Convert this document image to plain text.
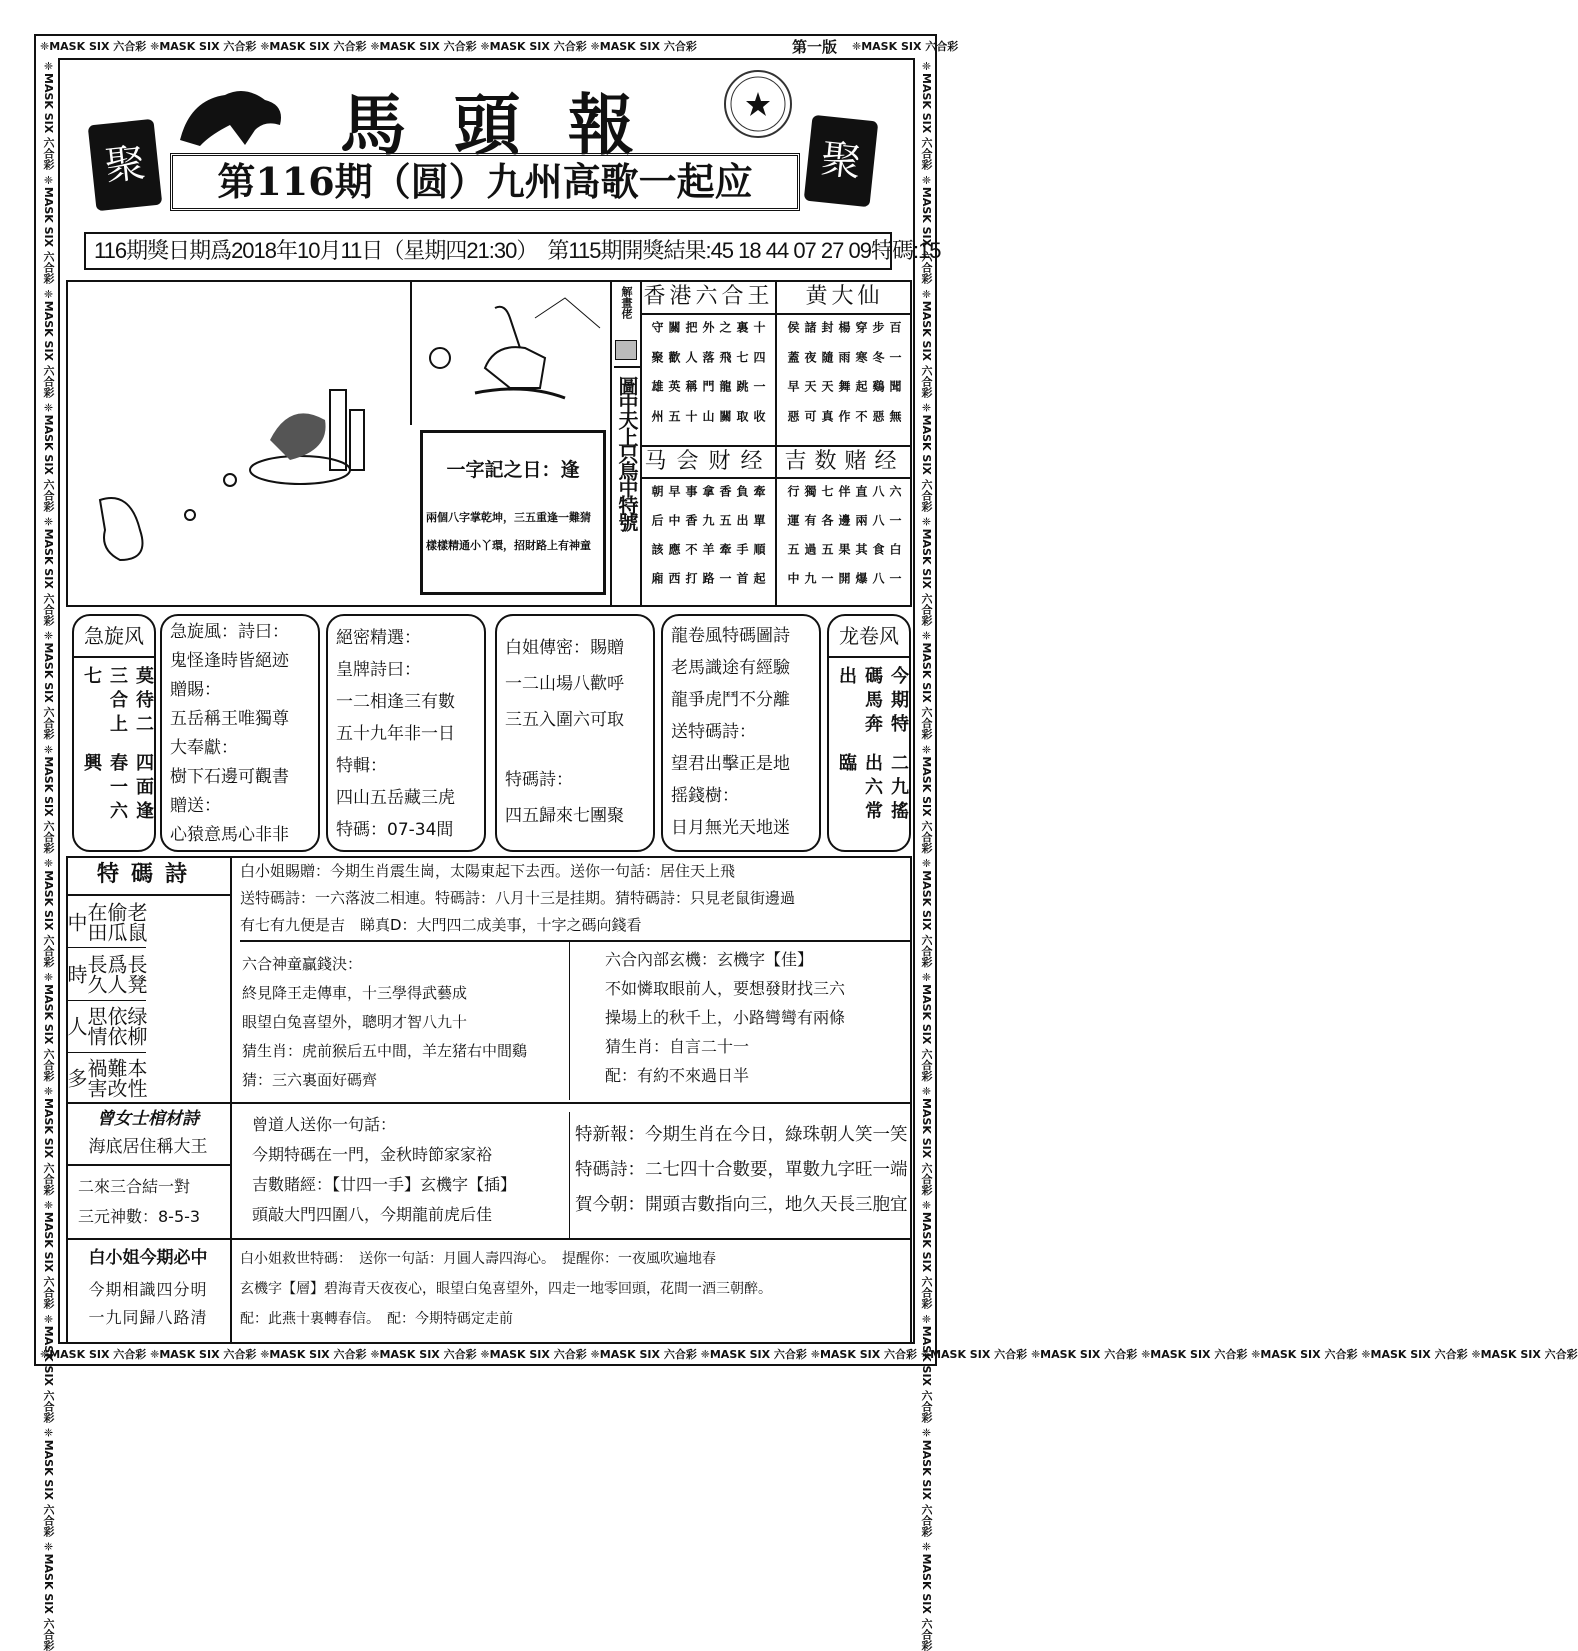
❈MASK SIX 六合彩 ❈MASK SIX 六合彩 ❈MASK SIX 六合彩 ❈MASK SIX 六合彩 ❈MASK SIX 六合彩 ❈MASK SIX 六合彩	❈MASK SIX 六合彩
❈MASK SIX 六合彩 ❈MASK SIX 六合彩 ❈MASK SIX 六合彩 ❈MASK SIX 六合彩 ❈MASK SIX 六合彩 ❈MASK SIX 六合彩 ❈MASK SIX 六合彩 ❈MASK SIX 六合彩 ❈MASK SIX 六合彩 ❈MASK SIX 六合彩 ❈MASK SIX 六合彩 ❈MASK SIX 六合彩 ❈MASK SIX 六合彩 ❈MASK SIX 六合彩
❈MASK SIX 六合彩 ❈MASK SIX 六合彩 ❈MASK SIX 六合彩 ❈MASK SIX 六合彩 ❈MASK SIX 六合彩 ❈MASK SIX 六合彩 ❈MASK SIX 六合彩 ❈MASK SIX 六合彩 ❈MASK SIX 六合彩 ❈MASK SIX 六合彩 ❈MASK SIX 六合彩 ❈MASK SIX 六合彩 ❈MASK SIX 六合彩 ❈MASK SIX 六合彩	❈MASK SIX 六合彩 ❈MASK SIX 六合彩 ❈MASK SIX 六合彩 ❈MASK SIX 六合彩 ❈MASK SIX 六合彩 ❈MASK SIX 六合彩 ❈MASK SIX 六合彩 ❈MASK SIX 六合彩 ❈MASK SIX 六合彩 ❈MASK SIX 六合彩 ❈MASK SIX 六合彩 ❈MASK SIX 六合彩 ❈MASK SIX 六合彩 ❈MASK SIX 六合彩
第一版
馬頭報
聚	聚
第116期（圆）九州高歌一起应
116期獎日期爲2018年10月11日（星期四21:30）　第115期開獎結果:45 18 44 07 27 09特碼:15
一字記之日：逢
兩個八字掌乾坤，三五重逢一難猜
樣樣精通小丫環，招財路上有神童
解畫佬
圖中天上只鳥中特號
香港六合王	黄大仙
十裏之外把關守
四七飛落人歡聚
一跳龍門稱英雄
收取關山十五州
百步穿楊封諸侯
一冬寒雨隨夜蓋
聞鷄起舞天天早
無惡不作真可惡
马会财经 吉数赌经
牽負香拿事早朝
單出五九香中后
順手牽羊不應該
起首一路打西廂
六八直伴七獨行
一八兩邊各有運
白食其果五過五
一八爆開一九中
急旋风
莫待二三合上七
四面逢春一六興
急旋風：詩曰：
鬼怪逢時皆絕迹
贈賜：
五岳稱王唯獨尊
大奉獻：
樹下石邊可觀書
贈送：
心猿意馬心非非
絕密精選：
皇牌詩曰：
一二相逢三有數
五十九年非一日
特輯：
四山五岳藏三虎
特碼：07-34間
白姐傳密：賜贈
一二山場八歡呼
三五入圍六可取
特碼詩：
四五歸來七團聚
龍卷風特碼圖詩
老馬識途有經驗
龍爭虎鬥不分離
送特碼詩：
望君出擊正是地
摇錢樹：
日月無光天地迷
龙卷风
今期特碼馬奔出
二九搖出六常臨
特碼詩
老鼠偷瓜在田中
長凳爲人長久時
绿柳依依思情人
本性難改禍害多
白小姐賜贈：今期生肖震生崗，太陽東起下去西。送你一句話：居住天上飛
送特碼詩：一六落波二相連。特碼詩：八月十三是挂期。猜特碼詩：只見老鼠街邊過
有七有九便是吉　睇真D：大門四二成美事，十字之碼向錢看
六合神童贏錢決：
終見降王走傳車，十三學得武藝成
眼望白兔喜望外，聰明才智八九十
猜生肖：虎前猴后五中間，羊左猪右中間鷄
猜：三六裏面好碼齊
六合內部玄機：玄機字【佳】
不如憐取眼前人，要想發財找三六
操場上的秋千上，小路彎彎有兩條
猜生肖：自言二十一
配：有約不來過日半
曾女士棺材詩
海底居住稱大王
二來三合結一對
三元神數：8-5-3
曾道人送你一句話：
今期特碼在一門，金秋時節家家裕
吉數賭經：【廿四一手】玄機字【插】
頭敲大門四圍八，今期龍前虎后佳
特新報：今期生肖在今日，綠珠朝人笑一笑
特碼詩：二七四十合數要，單數九字旺一端
賀今朝：開頭吉數指向三，地久天長三胞宜
白小姐今期必中
今期相識四分明
一九同歸八路清
白小姐救世特碼：　送你一句話：月圓人壽四海心。　提醒你：一夜風吹遍地春
玄機字【層】碧海青天夜夜心，眼望白兔喜望外，四走一地零回頭，花間一酒三朝醉。
配：此燕十裏轉春信。　配：今期特碼定走前
